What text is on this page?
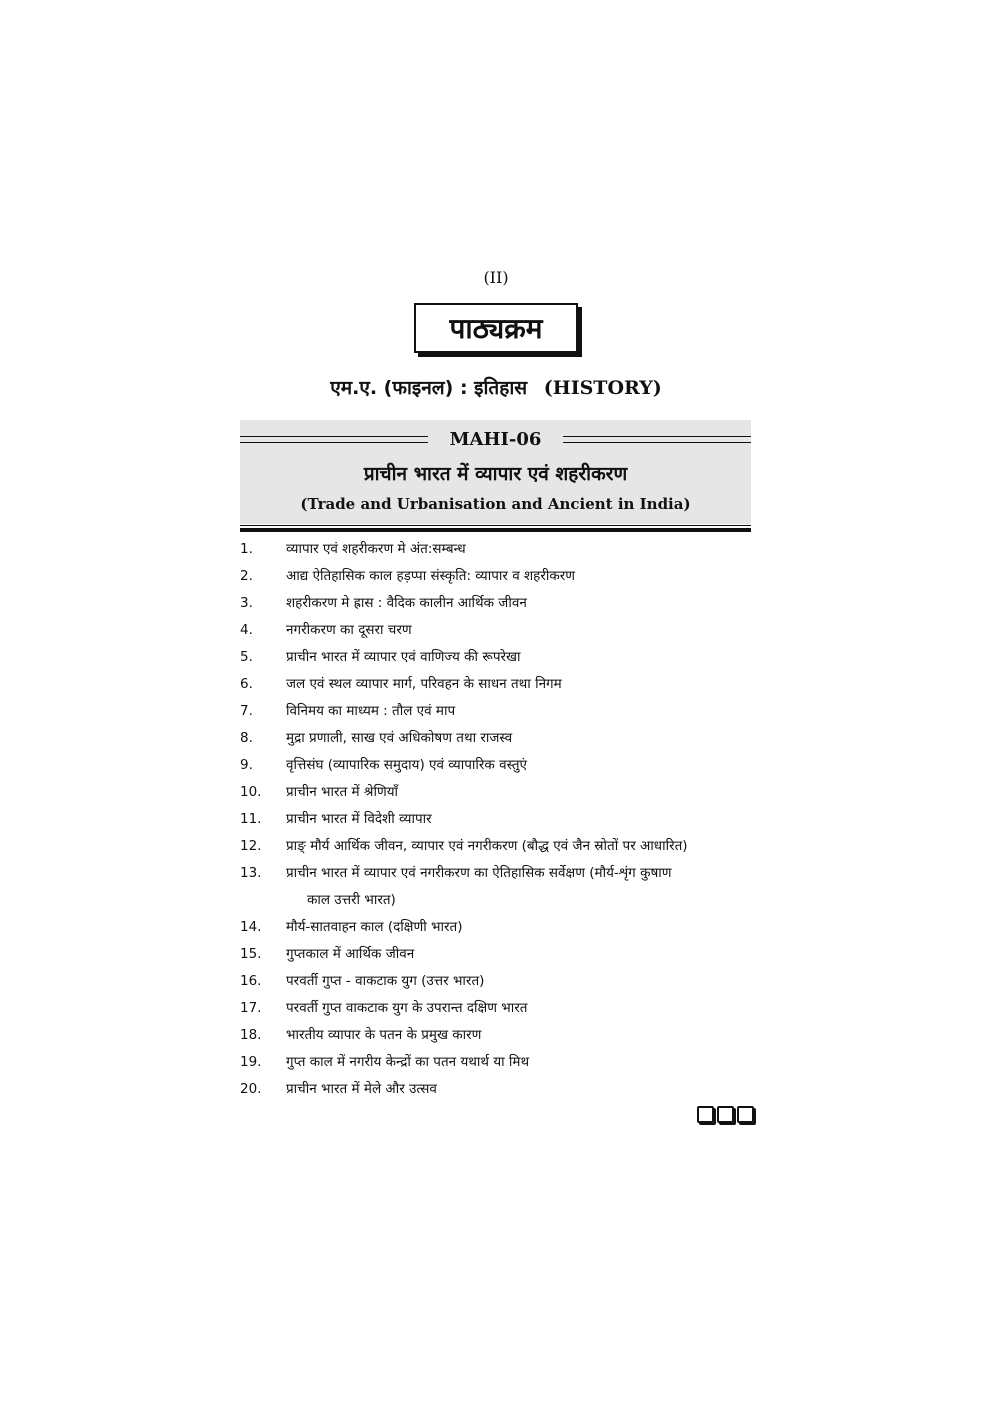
(II)
पाठ्यक्रम
एम.ए. (फाइनल) : इतिहास (HISTORY)
MAHI-06
प्राचीन भारत में व्यापार एवं शहरीकरण
(Trade and Urbanisation and Ancient in India)
1.	व्यापार एवं शहरीकरण मे अंत:सम्बन्ध
2.	आद्य ऐतिहासिक काल हड़प्पा संस्कृति: व्यापार व शहरीकरण
3.	शहरीकरण मे ह्रास : वैदिक कालीन आर्थिक जीवन
4.	नगरीकरण का दूसरा चरण
5.	प्राचीन भारत में व्यापार एवं वाणिज्य की रूपरेखा
6.	जल एवं स्थल व्यापार मार्ग, परिवहन के साधन तथा निगम
7.	विनिमय का माध्यम : तौल एवं माप
8.	मुद्रा प्रणाली, साख एवं अधिकोषण तथा राजस्व
9.	वृत्तिसंघ (व्यापारिक समुदाय) एवं व्यापारिक वस्तुएं
10.	प्राचीन भारत में श्रेणियाँ
11.	प्राचीन भारत में विदेशी व्यापार
12.	प्राङ् मौर्य आर्थिक जीवन, व्यापार एवं नगरीकरण (बौद्ध एवं जैन स्रोतों पर आधारित)
13.	प्राचीन भारत में व्यापार एवं नगरीकरण का ऐतिहासिक सर्वेक्षण (मौर्य-शृंग कुषाण
काल उत्तरी भारत)
14.	मौर्य-सातवाहन काल (दक्षिणी भारत)
15.	गुप्तकाल में आर्थिक जीवन
16.	परवर्ती गुप्त - वाकटाक युग (उत्तर भारत)
17.	परवर्ती गुप्त वाकटाक युग के उपरान्त दक्षिण भारत
18.	भारतीय व्यापार के पतन के प्रमुख कारण
19.	गुप्त काल में नगरीय केन्द्रों का पतन यथार्थ या मिथ
20.	प्राचीन भारत में मेले और उत्सव
